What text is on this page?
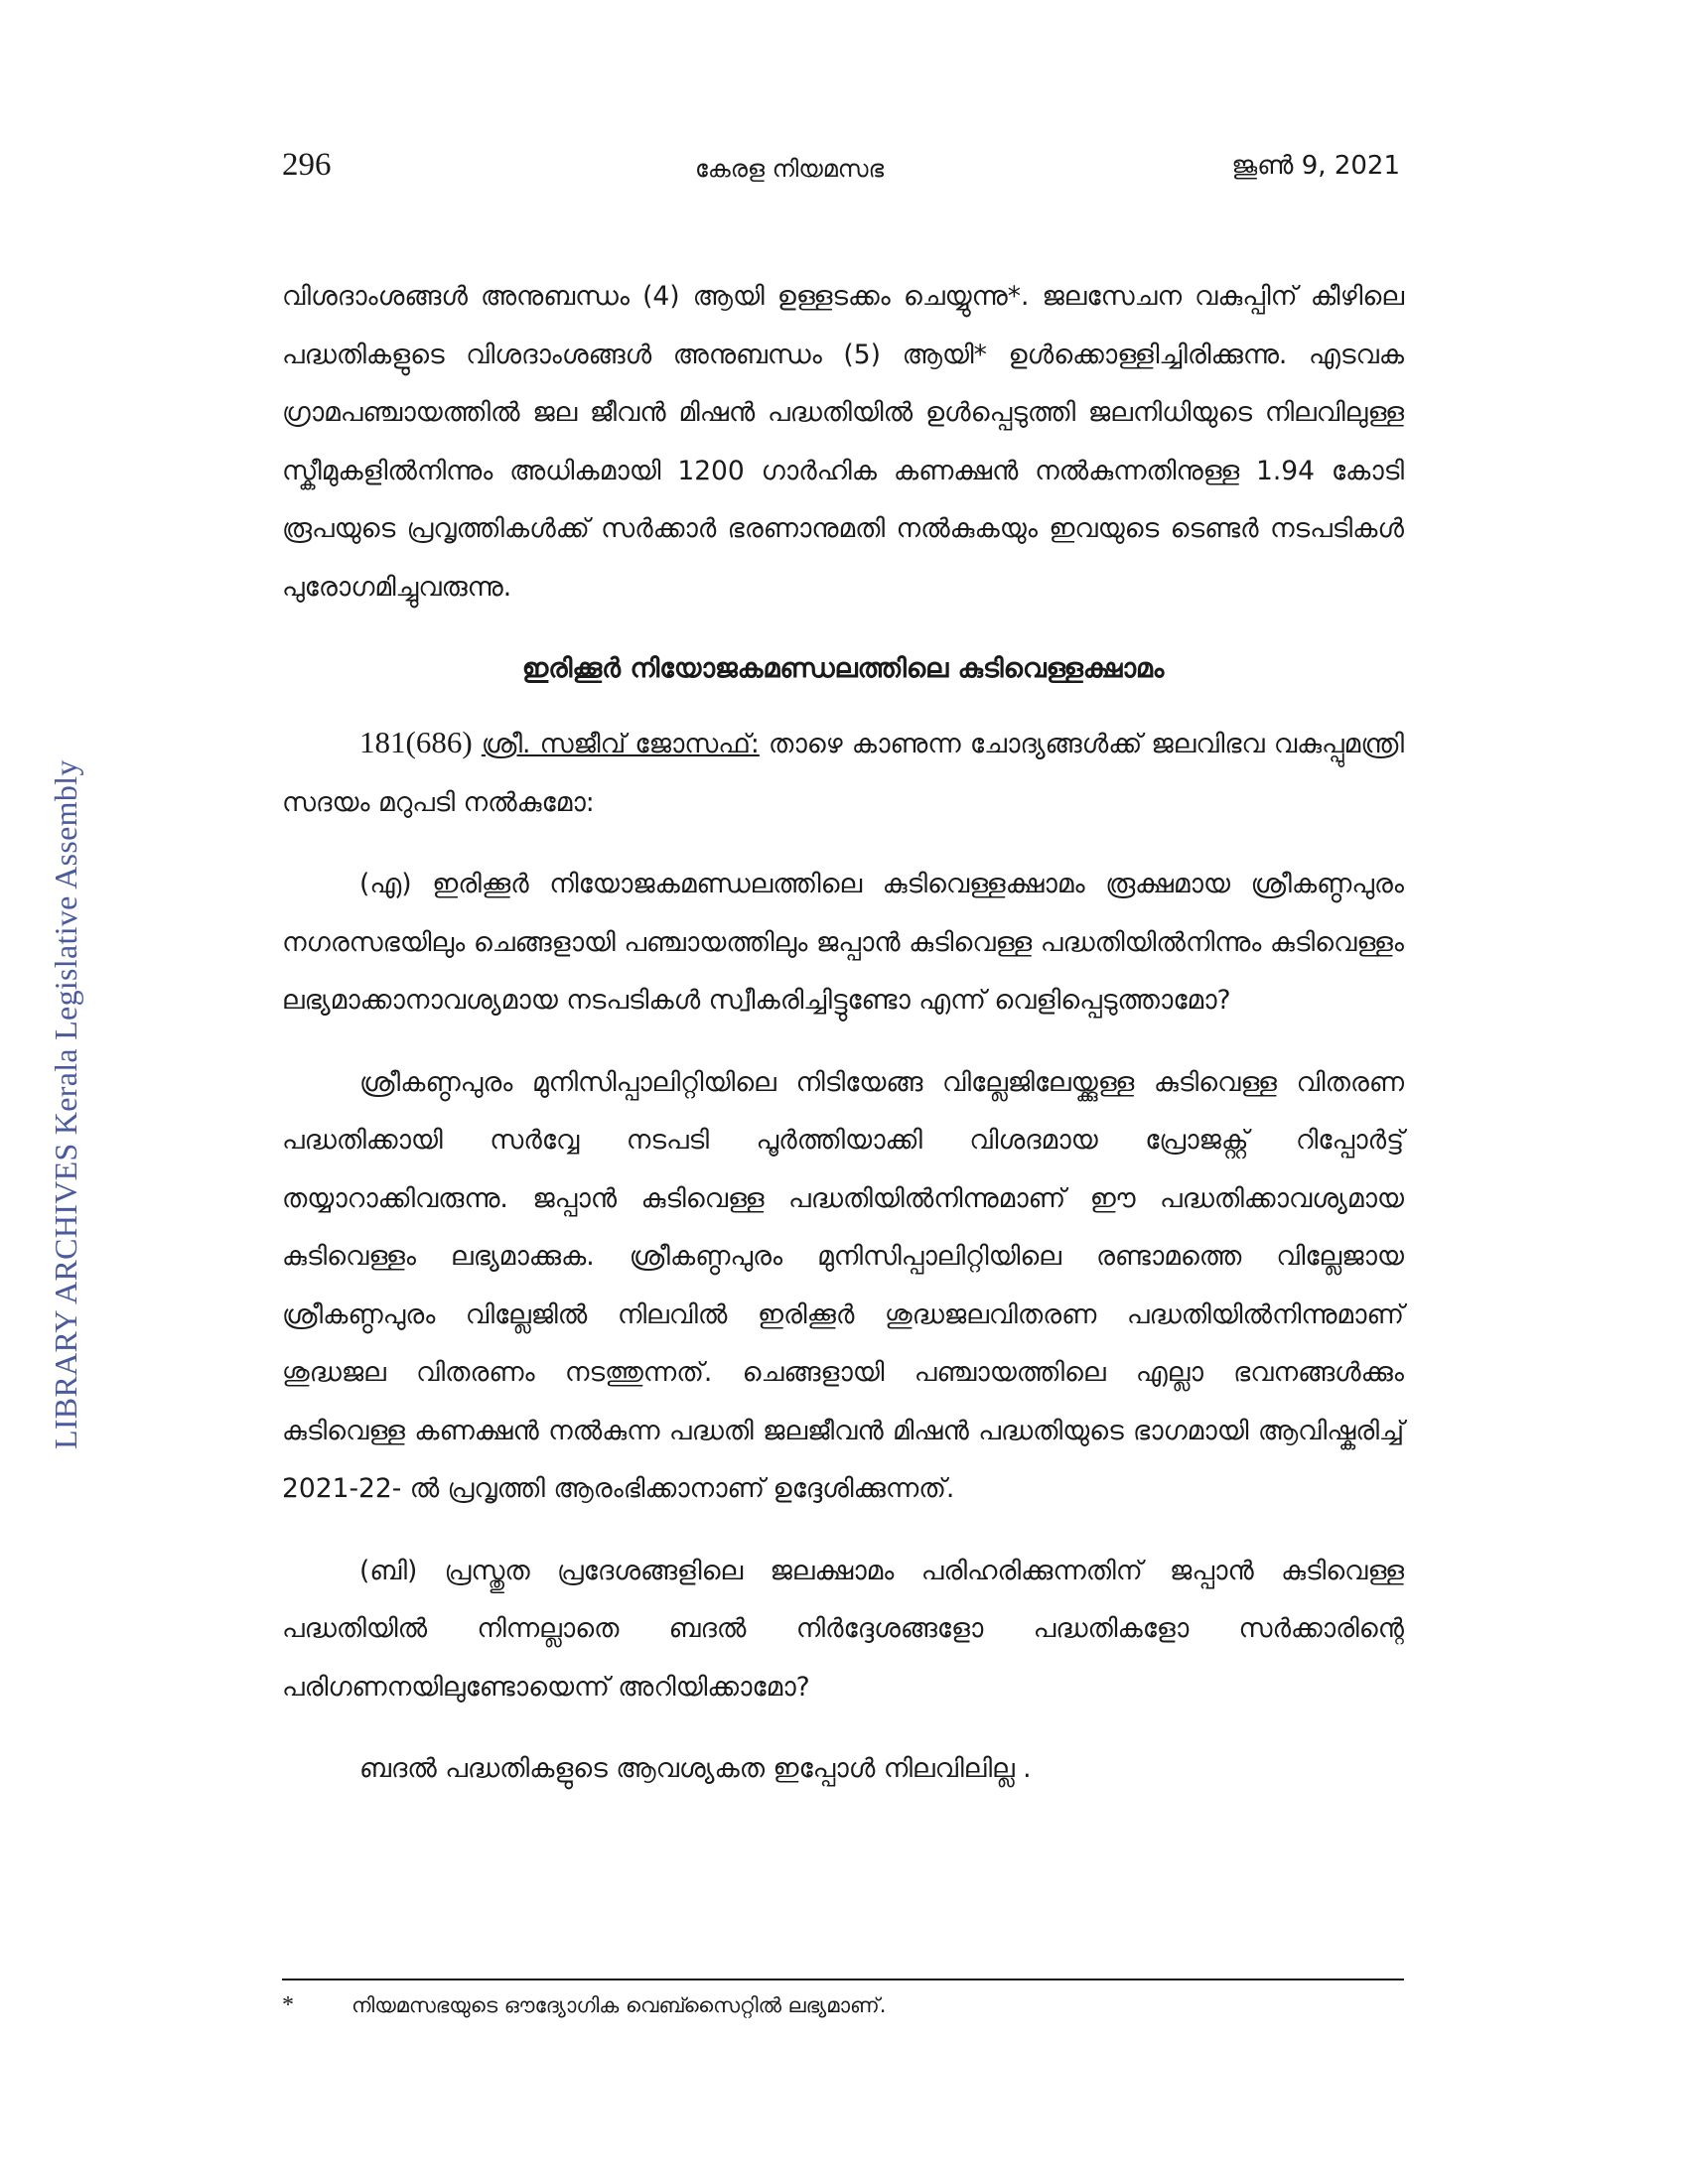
296	കേരള നിയമസഭ	ജൂൺ 9, 2021
LIBRARY ARCHIVES Kerala Legislative Assembly

വിശദാംശങ്ങൾ അനുബന്ധം (4) ആയി ഉള്ളടക്കം ചെയ്യുന്നു*. ജലസേചന വകുപ്പിന് കീഴിലെ പദ്ധതികളുടെ വിശദാംശങ്ങൾ അനുബന്ധം (5) ആയി* ഉൾക്കൊള്ളിച്ചിരിക്കുന്നു. എടവക ഗ്രാമപഞ്ചായത്തിൽ ജല ജീവൻ മിഷൻ പദ്ധതിയിൽ ഉൾപ്പെടുത്തി ജലനിധിയുടെ നിലവിലുള്ള സ്കീമുകളിൽനിന്നും അധികമായി 1200 ഗാർഹിക കണക്ഷൻ നൽകുന്നതിനുള്ള 1.94 കോടി രൂപയുടെ പ്രവൃത്തികൾക്ക് സർക്കാർ ഭരണാനുമതി നൽകുകയും ഇവയുടെ ടെണ്ടർ നടപടികൾ പുരോഗമിച്ചുവരുന്നു.

ഇരിക്കൂർ നിയോജകമണ്ഡലത്തിലെ കുടിവെള്ളക്ഷാമം

181(686) ശ്രീ. സജീവ് ജോസഫ്: താഴെ കാണുന്ന ചോദ്യങ്ങൾക്ക് ജലവിഭവ വകുപ്പുമന്ത്രി സദയം മറുപടി നൽകുമോ:

(എ) ഇരിക്കൂർ നിയോജകമണ്ഡലത്തിലെ കുടിവെള്ളക്ഷാമം രൂക്ഷമായ ശ്രീകണ്ഠപുരം നഗരസഭയിലും ചെങ്ങളായി പഞ്ചായത്തിലും ജപ്പാൻ കുടിവെള്ള പദ്ധതിയിൽനിന്നും കുടിവെള്ളം ലഭ്യമാക്കാനാവശ്യമായ നടപടികൾ സ്വീകരിച്ചിട്ടുണ്ടോ എന്ന് വെളിപ്പെടുത്താമോ?

ശ്രീകണ്ഠപുരം മുനിസിപ്പാലിറ്റിയിലെ നിടിയേങ്ങ വില്ലേജിലേയ്ക്കുള്ള കുടിവെള്ള വിതരണ പദ്ധതിക്കായി സർവ്വേ നടപടി പൂർത്തിയാക്കി വിശദമായ പ്രോജക്റ്റ് റിപ്പോർട്ട് തയ്യാറാക്കിവരുന്നു. ജപ്പാൻ കുടിവെള്ള പദ്ധതിയിൽനിന്നുമാണ് ഈ പദ്ധതിക്കാവശ്യമായ കുടിവെള്ളം ലഭ്യമാക്കുക. ശ്രീകണ്ഠപുരം മുനിസിപ്പാലിറ്റിയിലെ രണ്ടാമത്തെ വില്ലേജായ ശ്രീകണ്ഠപുരം വില്ലേജിൽ നിലവിൽ ഇരിക്കൂർ ശുദ്ധജലവിതരണ പദ്ധതിയിൽനിന്നുമാണ് ശുദ്ധജല വിതരണം നടത്തുന്നത്. ചെങ്ങളായി പഞ്ചായത്തിലെ എല്ലാ ഭവനങ്ങൾക്കും കുടിവെള്ള കണക്ഷൻ നൽകുന്ന പദ്ധതി ജലജീവൻ മിഷൻ പദ്ധതിയുടെ ഭാഗമായി ആവിഷ്കരിച്ച് 2021-22- ൽ പ്രവൃത്തി ആരംഭിക്കാനാണ് ഉദ്ദേശിക്കുന്നത്.

(ബി) പ്രസ്തുത പ്രദേശങ്ങളിലെ ജലക്ഷാമം പരിഹരിക്കുന്നതിന് ജപ്പാൻ കുടിവെള്ള പദ്ധതിയിൽ നിന്നല്ലാതെ ബദൽ നിർദ്ദേശങ്ങളോ പദ്ധതികളോ സർക്കാരിന്റെ പരിഗണനയിലുണ്ടോയെന്ന് അറിയിക്കാമോ?

ബദൽ പദ്ധതികളുടെ ആവശ്യകത ഇപ്പോൾ നിലവിലില്ല .

*	നിയമസഭയുടെ ഔദ്യോഗിക വെബ്സൈറ്റിൽ ലഭ്യമാണ്.
